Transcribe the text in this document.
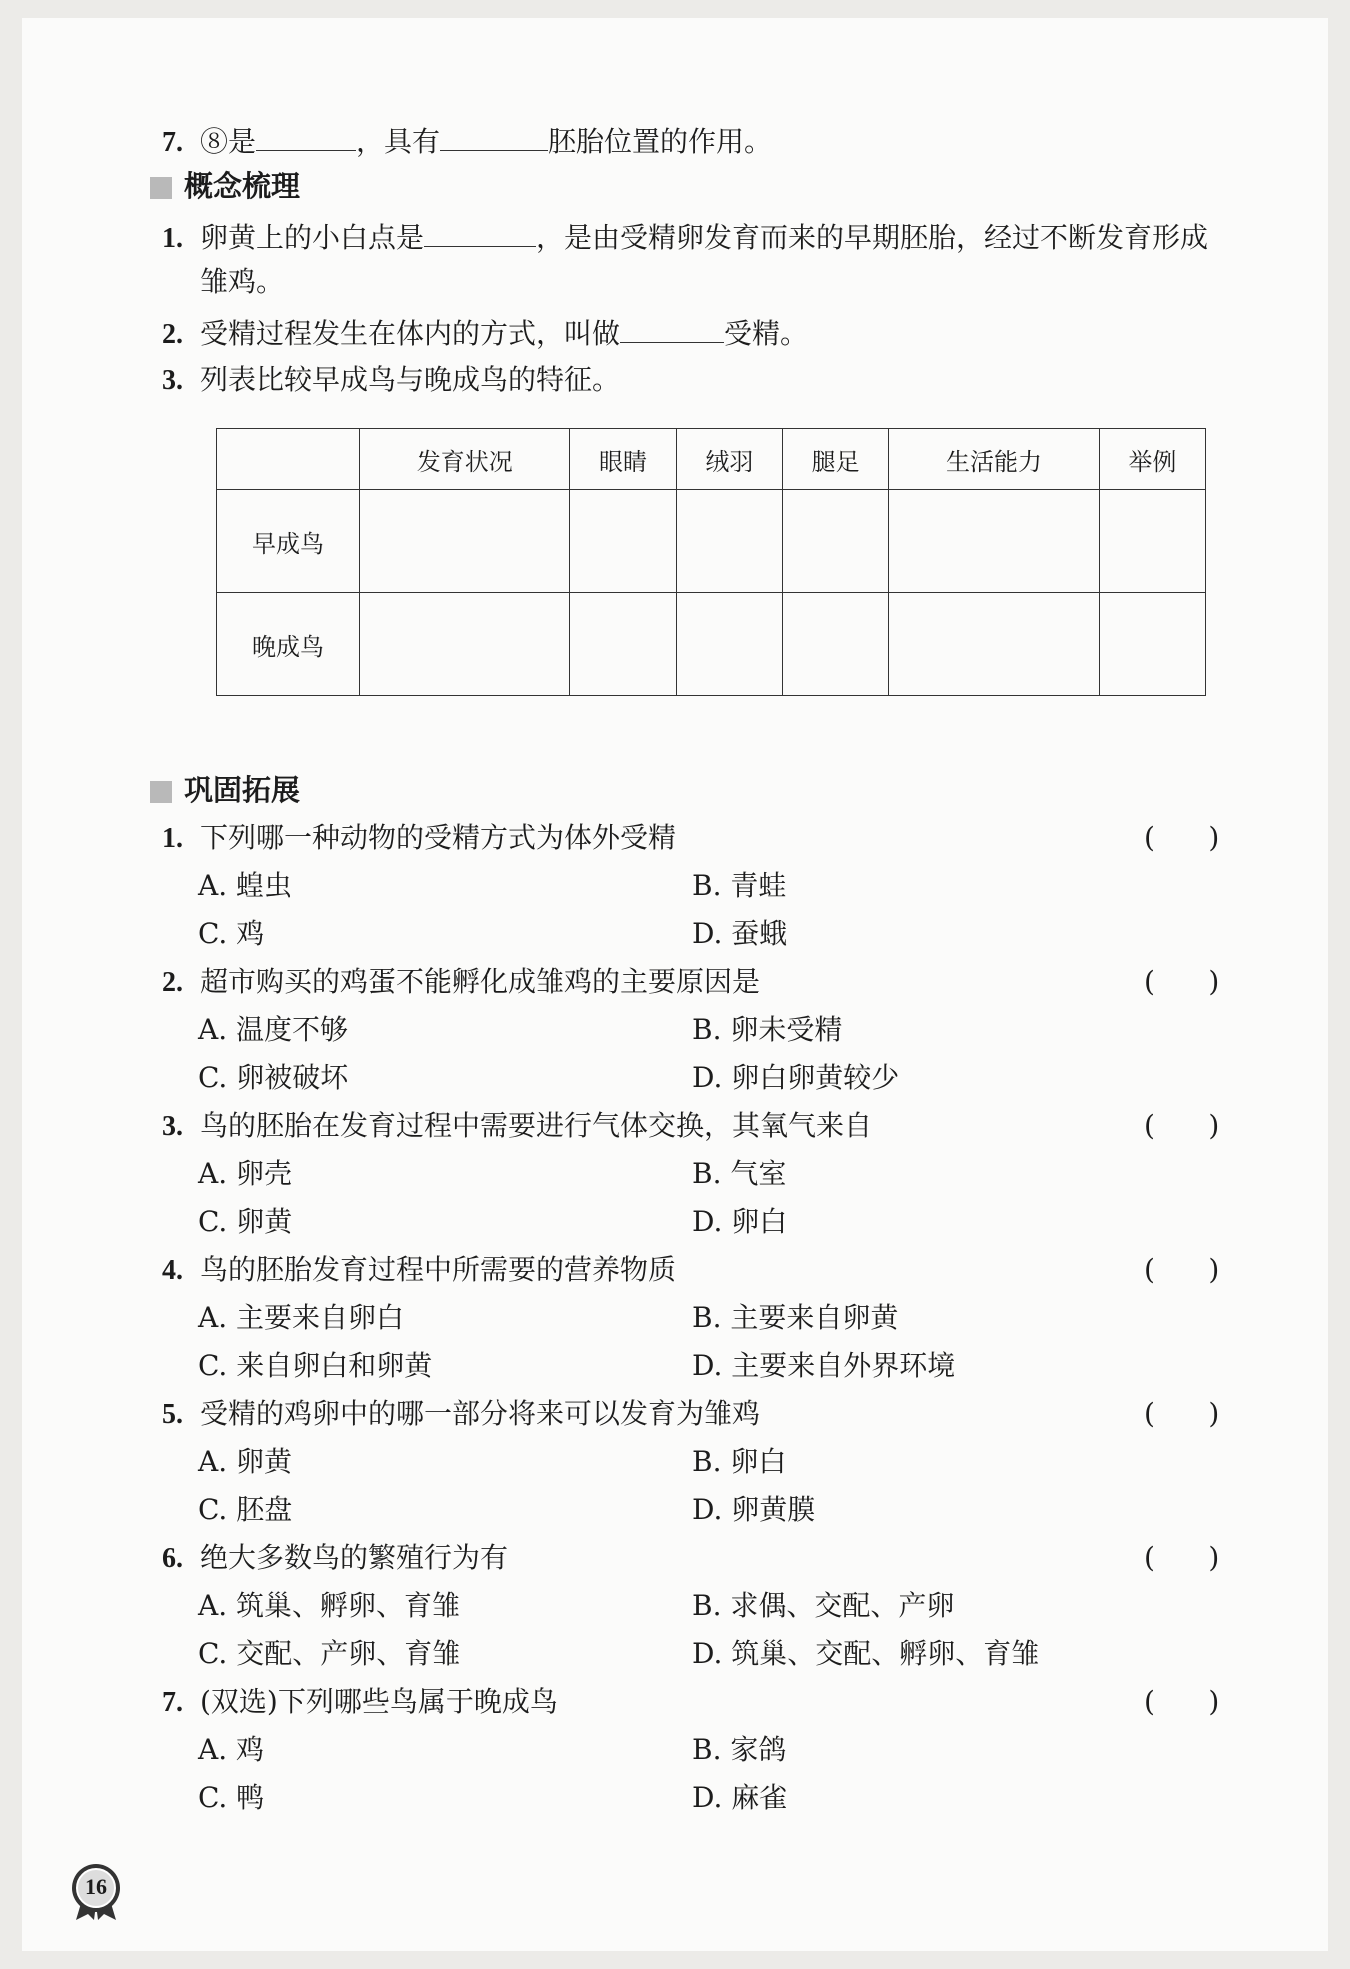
7. ⑧是	，具有	胚胎位置的作用。
概念梳理
1. 卵黄上的小白点是	，是由受精卵发育而来的早期胚胎，经过不断发育形成
雏鸡。
2. 受精过程发生在体内的方式，叫做	受精。
3. 列表比较早成鸟与晚成鸟的特征。
	发育状况	眼睛	绒羽	腿足	生活能力	举例
早成鸟						
晚成鸟						
巩固拓展
1. 下列哪一种动物的受精方式为体外受精	(      )
A. 蝗虫	B. 青蛙
C. 鸡	D. 蚕蛾
2. 超市购买的鸡蛋不能孵化成雏鸡的主要原因是	(      )
A. 温度不够	B. 卵未受精
C. 卵被破坏	D. 卵白卵黄较少
3. 鸟的胚胎在发育过程中需要进行气体交换，其氧气来自	(      )
A. 卵壳	B. 气室
C. 卵黄	D. 卵白
4. 鸟的胚胎发育过程中所需要的营养物质	(      )
A. 主要来自卵白	B. 主要来自卵黄
C. 来自卵白和卵黄	D. 主要来自外界环境
5. 受精的鸡卵中的哪一部分将来可以发育为雏鸡	(      )
A. 卵黄	B. 卵白
C. 胚盘	D. 卵黄膜
6. 绝大多数鸟的繁殖行为有	(      )
A. 筑巢、孵卵、育雏	B. 求偶、交配、产卵
C. 交配、产卵、育雏	D. 筑巢、交配、孵卵、育雏
7. (双选)下列哪些鸟属于晚成鸟	(      )
A. 鸡	B. 家鸽
C. 鸭	D. 麻雀
16
